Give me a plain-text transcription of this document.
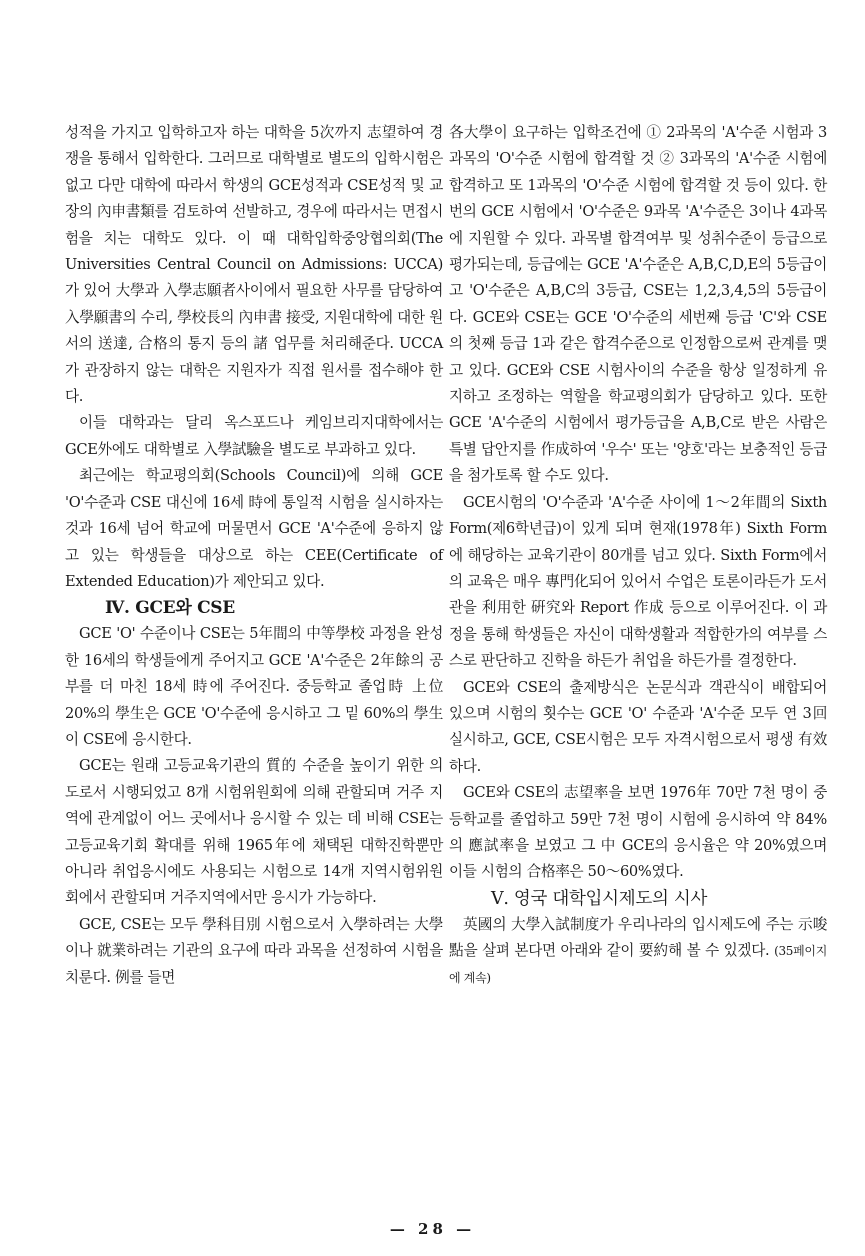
성적을 가지고 입학하고자 하는 대학을 5次까지 志望하여 경쟁을 통해서 입학한다. 그러므로 대학별로 별도의 입학시험은 없고 다만 대학에 따라서 학생의 GCE성적과 CSE성적 및 교장의 內申書類를 검토하여 선발하고, 경우에 따라서는 면접시험을 치는 대학도 있다. 이 때 대학입학중앙협의회(The Universities Central Council on Admissions: UCCA)가 있어 大學과 入學志願者사이에서 필요한 사무를 담당하여 入學願書의 수리, 學校長의 內申書 接受, 지원대학에 대한 원서의 送達, 合格의 통지 등의 諸 업무를 처리해준다. UCCA가 관장하지 않는 대학은 지원자가 직접 원서를 접수해야 한다.

이들 대학과는 달리 옥스포드나 케임브리지대학에서는 GCE外에도 대학별로 入學試驗을 별도로 부과하고 있다.

최근에는 학교평의회(Schools Council)에 의해 GCE 'O'수준과 CSE 대신에 16세 時에 통일적 시험을 실시하자는 것과 16세 넘어 학교에 머물면서 GCE 'A'수준에 응하지 않고 있는 학생들을 대상으로 하는 CEE(Certificate of Extended Education)가 제안되고 있다.

Ⅳ. GCE와 CSE

GCE 'O' 수준이나 CSE는 5年間의 中等學校 과정을 완성한 16세의 학생들에게 주어지고 GCE 'A'수준은 2年餘의 공부를 더 마친 18세 時에 주어진다. 중등학교 졸업時 上位 20%의 學生은 GCE 'O'수준에 응시하고 그 밑 60%의 學生이 CSE에 응시한다.

GCE는 원래 고등교육기관의 質的 수준을 높이기 위한 의도로서 시행되었고 8개 시험위원회에 의해 관할되며 거주 지역에 관계없이 어느 곳에서나 응시할 수 있는 데 비해 CSE는 고등교육기회 확대를 위해 1965年에 채택된 대학진학뿐만 아니라 취업응시에도 사용되는 시험으로 14개 지역시험위원회에서 관할되며 거주지역에서만 응시가 가능하다.

GCE, CSE는 모두 學科目別 시험으로서 入學하려는 大學이나 就業하려는 기관의 요구에 따라 과목을 선정하여 시험을 치룬다. 例를 들면

各大學이 요구하는 입학조건에 ① 2과목의 'A'수준 시험과 3과목의 'O'수준 시험에 합격할 것 ② 3과목의 'A'수준 시험에 합격하고 또 1과목의 'O'수준 시험에 합격할 것 등이 있다. 한번의 GCE 시험에서 'O'수준은 9과목 'A'수준은 3이나 4과목에 지원할 수 있다. 과목별 합격여부 및 성취수준이 등급으로 평가되는데, 등급에는 GCE 'A'수준은 A,B,C,D,E의 5등급이고 'O'수준은 A,B,C의 3등급, CSE는 1,2,3,4,5의 5등급이다. GCE와 CSE는 GCE 'O'수준의 세번째 등급 'C'와 CSE의 첫째 등급 1과 같은 합격수준으로 인정함으로써 관계를 맺고 있다. GCE와 CSE 시험사이의 수준을 항상 일정하게 유지하고 조정하는 역할을 학교평의회가 담당하고 있다. 또한 GCE 'A'수준의 시험에서 평가등급을 A,B,C로 받은 사람은 특별 답안지를 作成하여 '우수' 또는 '양호'라는 보충적인 등급을 첨가토록 할 수도 있다.

GCE시험의 'O'수준과 'A'수준 사이에 1～2年間의 Sixth Form(제6학년급)이 있게 되며 현재(1978年) Sixth Form에 해당하는 교육기관이 80개를 넘고 있다. Sixth Form에서의 교육은 매우 專門化되어 있어서 수업은 토론이라든가 도서관을 利用한 硏究와 Report 作成 등으로 이루어진다. 이 과정을 통해 학생들은 자신이 대학생활과 적합한가의 여부를 스스로 판단하고 진학을 하든가 취업을 하든가를 결정한다.

GCE와 CSE의 출제방식은 논문식과 객관식이 배합되어 있으며 시험의 횟수는 GCE 'O' 수준과 'A'수준 모두 연 3回 실시하고, GCE, CSE시험은 모두 자격시험으로서 평생 有效하다.

GCE와 CSE의 志望率을 보면 1976年 70만 7천 명이 중등학교를 졸업하고 59만 7천 명이 시험에 응시하여 약 84%의 應試率을 보였고 그 中 GCE의 응시율은 약 20%였으며 이들 시험의 合格率은 50～60%였다.

Ⅴ. 영국 대학입시제도의 시사

英國의 大學入試制度가 우리나라의 입시제도에 주는 示唆點을 살펴 본다면 아래와 같이 要約해 볼 수 있겠다. (35페이지에 계속)

— 28 —
